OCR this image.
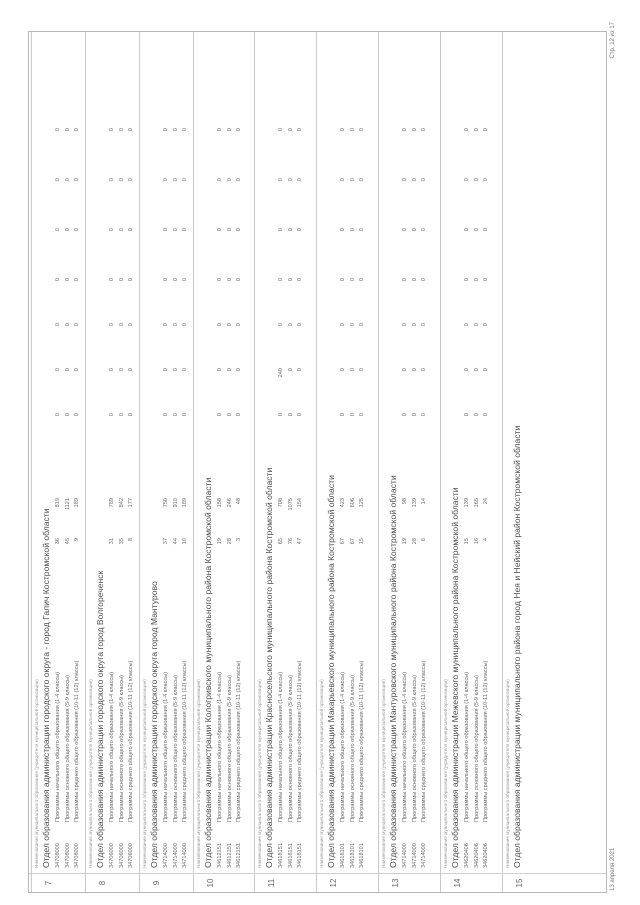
7
Наименование муниципального образования (учредителя муниципальной организации) Отдел образования администрации городского округа - город Галич Костромской области 34708000
Программы начального общего образования (1-4 классы)
36
819
0
0
0
0
0
0
0
34708000
Программы основного общего образования (5-9 классы)
45
1121
0
0
0
0
0
0
0
34708000
Программы среднего общего образования (10-11 (12) классы)
9
189
0
0
0
0
0
0
0
8
Наименование муниципального образования (учредителя муниципальной организации) Отдел образования администрации городского округа город Волгореченск 34706000
Программы начального общего образования (1-4 классы)
31
789
0
0
0
0
0
0
0
34706000
Программы основного общего образования (5-9 классы)
35
842
0
0
0
0
0
0
0
34706000
Программы среднего общего образования (10-11 (12) классы)
8
177
0
0
0
0
0
0
0
9
Наименование муниципального образования (учредителя муниципальной организации) Отдел образования администрации городского округа город Мантурово 34714000
Программы начального общего образования (1-4 классы)
37
750
0
0
0
0
0
0
0
34714000
Программы основного общего образования (5-9 классы)
44
910
0
0
0
0
0
0
0
34714000
Программы среднего общего образования (10-11 (12) классы)
10
189
0
0
0
0
0
0
0
10
Наименование муниципального образования (учредителя муниципальной организации) Отдел образования администрации Кологривского муниципального района Костромской области 34612151
Программы начального общего образования (1-4 классы)
19
158
0
0
0
0
0
0
0
34612151
Программы основного общего образования (5-9 классы)
28
246
0
0
0
0
0
0
0
34612151
Программы среднего общего образования (10-11 (12) классы)
3
48
0
0
0
0
0
0
0
11
Наименование муниципального образования (учредителя муниципальной организации) Отдел образования администрации Красносельского муниципального района Костромской области 34618151
Программы начального общего образования (1-4 классы)
65
708
0
240
0
0
0
0
0
34618151
Программы основного общего образования (5-9 классы)
76
1075
0
0
0
0
0
0
0
34618151
Программы среднего общего образования (10-11 (12) классы)
47
154
0
0
0
0
0
0
0
12
Наименование муниципального образования (учредителя муниципальной организации) Отдел образования администрации Макарьевского муниципального района Костромской области 34618101
Программы начального общего образования (1-4 классы)
67
423
0
0
0
0
0
0
0
34618101
Программы основного общего образования (5-9 классы)
67
606
0
0
0
0
0
0
0
34618101
Программы среднего общего образования (10-11 (12) классы)
15
125
0
0
0
0
0
0
0
13
Наименование муниципального образования (учредителя муниципальной организации) Отдел образования администрации Мантуровского муниципального района Костромской области 34714000
Программы начального общего образования (1-4 классы)
19
98
0
0
0
0
0
0
0
34714000
Программы основного общего образования (5-9 классы)
28
139
0
0
0
0
0
0
0
34714000
Программы среднего общего образования (10-11 (12) классы)
6
14
0
0
0
0
0
0
0
14
Наименование муниципального образования (учредителя муниципальной организации) Отдел образования администрации Межевского муниципального района Костромской области 34620406
Программы начального общего образования (1-4 классы)
15
139
0
0
0
0
0
0
0
34620406
Программы основного общего образования (5-9 классы)
16
165
0
0
0
0
0
0
0
34620406
Программы среднего общего образования (10-11 (12) классы)
4
24
0
0
0
0
0
0
0
15
Наименование муниципального образования (учредителя муниципальной организации) Отдел образования администрации муниципального района город Нея и Нейский район Костромской области
13 апреля 2021
Стр. 12 из 17
